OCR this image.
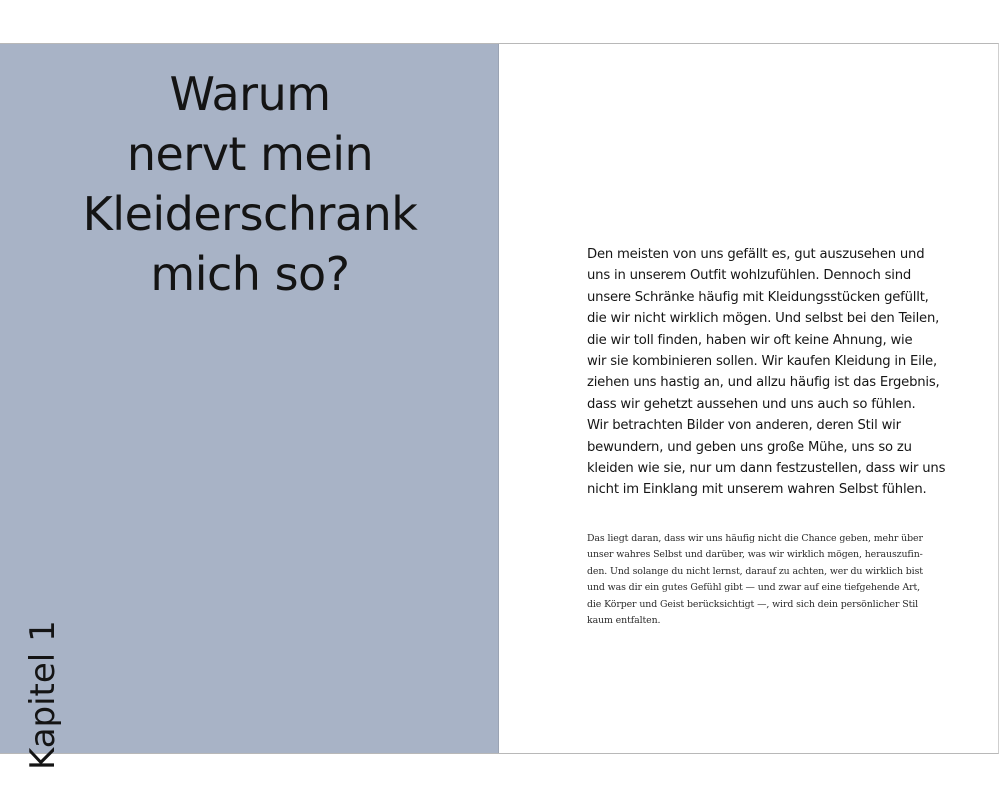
Warum
nervt mein
Kleiderschrank
mich so?

Kapitel 1

Den meisten von uns gefällt es, gut auszusehen und
uns in unserem Outfit wohlzufühlen. Dennoch sind
unsere Schränke häufig mit Kleidungsstücken gefüllt,
die wir nicht wirklich mögen. Und selbst bei den Teilen,
die wir toll finden, haben wir oft keine Ahnung, wie
wir sie kombinieren sollen. Wir kaufen Kleidung in Eile,
ziehen uns hastig an, und allzu häufig ist das Ergebnis,
dass wir gehetzt aussehen und uns auch so fühlen.
Wir betrachten Bilder von anderen, deren Stil wir
bewundern, und geben uns große Mühe, uns so zu
kleiden wie sie, nur um dann festzustellen, dass wir uns
nicht im Einklang mit unserem wahren Selbst fühlen.

Das liegt daran, dass wir uns häufig nicht die Chance geben, mehr über
unser wahres Selbst und darüber, was wir wirklich mögen, herauszufin-
den. Und solange du nicht lernst, darauf zu achten, wer du wirklich bist
und was dir ein gutes Gefühl gibt — und zwar auf eine tiefgehende Art,
die Körper und Geist berücksichtigt —, wird sich dein persönlicher Stil
kaum entfalten.
